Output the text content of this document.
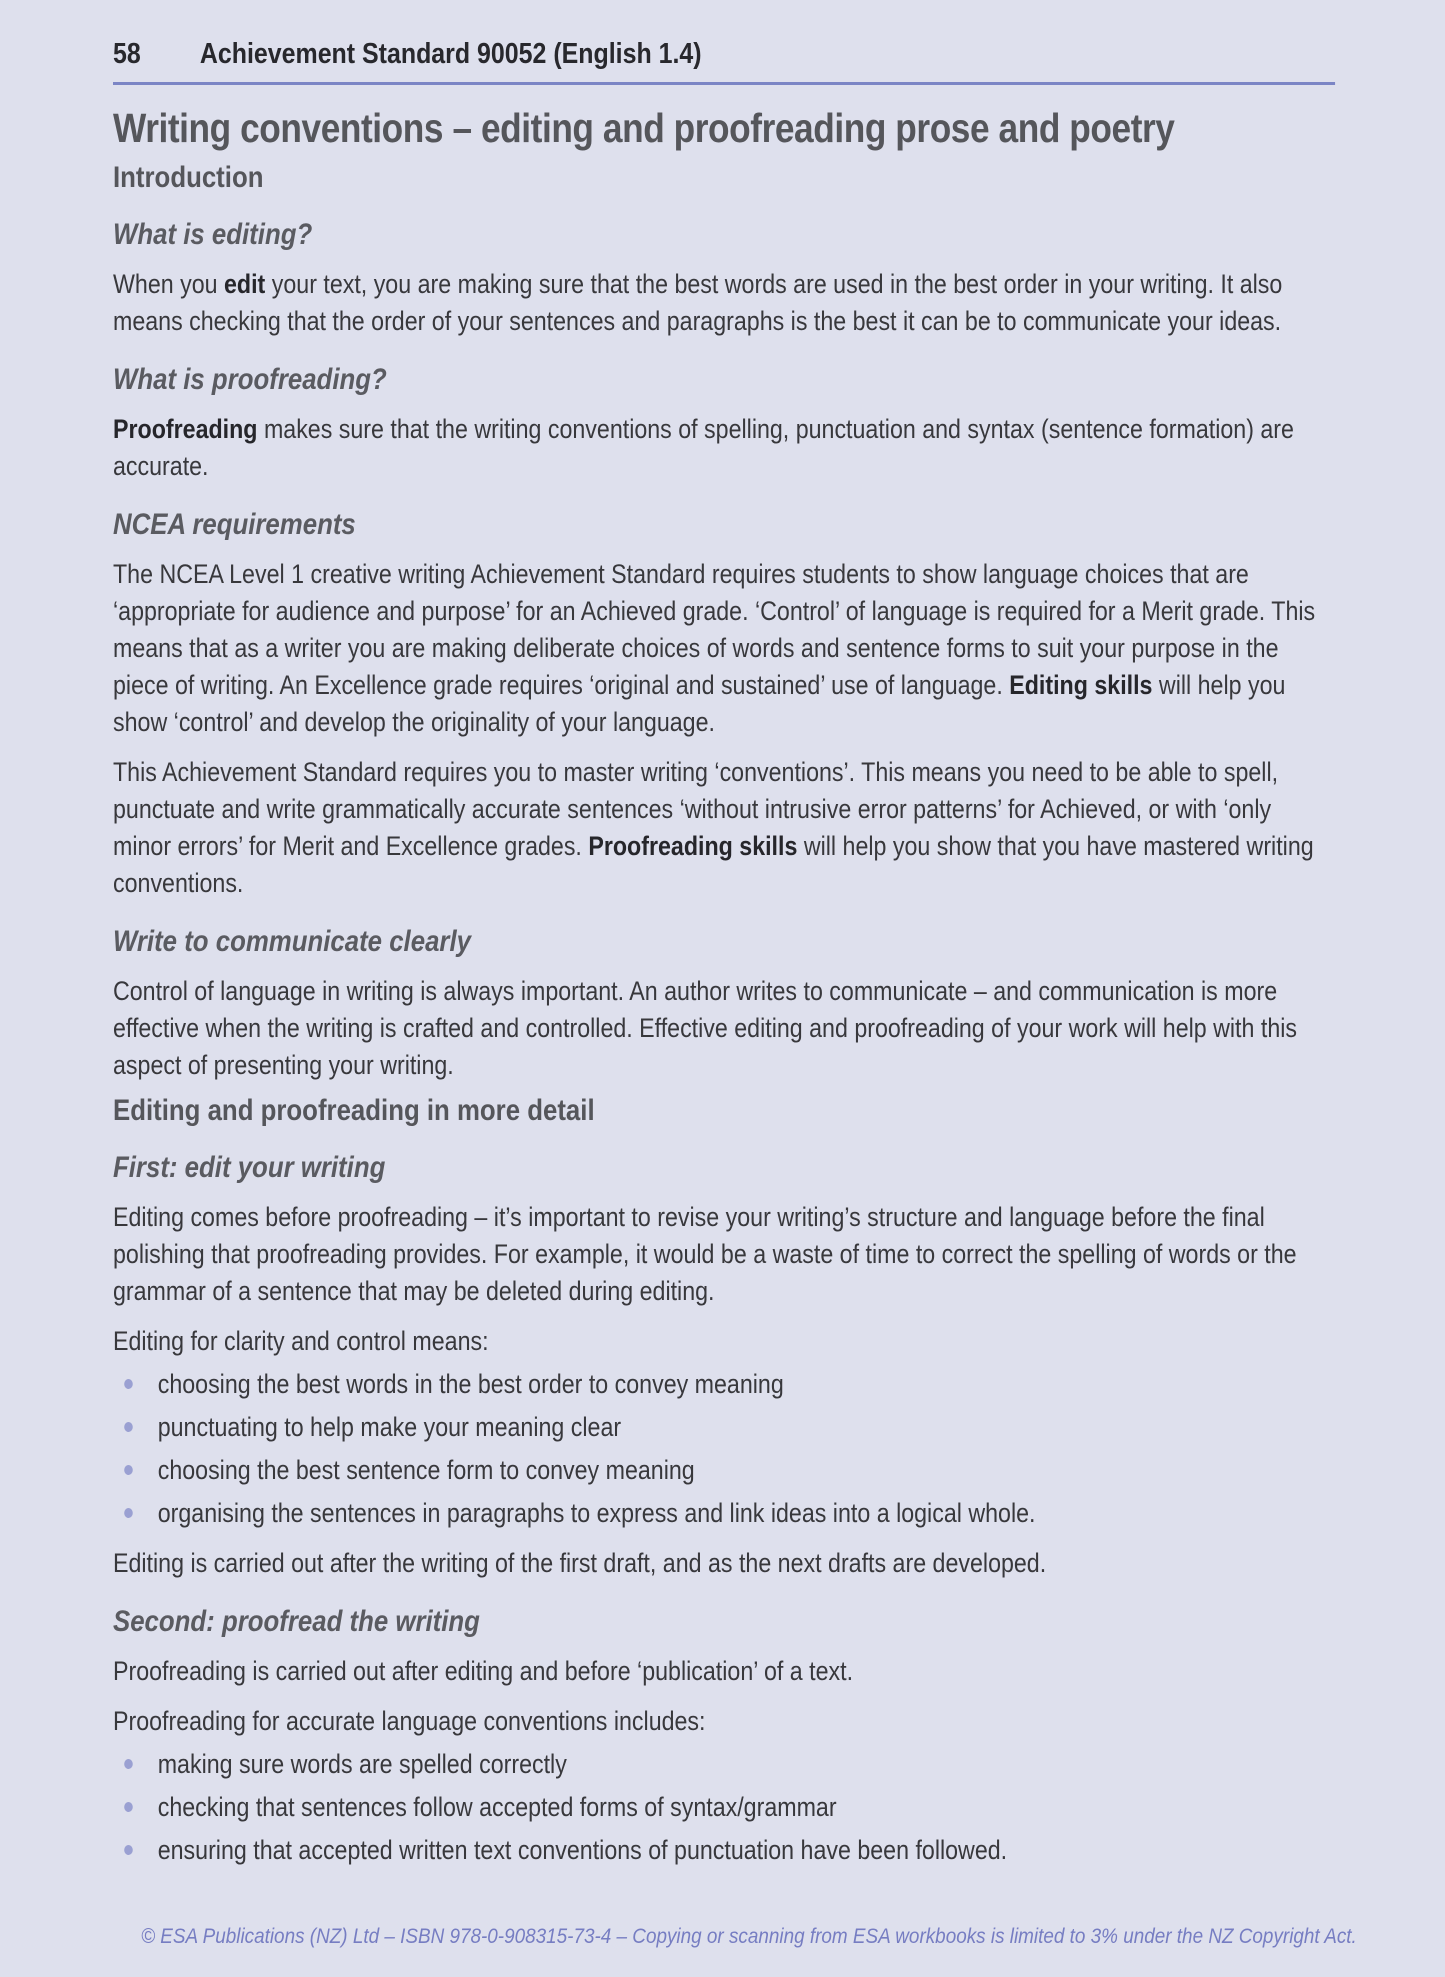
58	Achievement Standard 90052 (English 1.4)
Writing conventions – editing and proofreading prose and poetry
Introduction
What is editing?

When you edit your text, you are making sure that the best words are used in the best order in your writing. It also means checking that the order of your sentences and paragraphs is the best it can be to communicate your ideas.

What is proofreading?

Proofreading makes sure that the writing conventions of spelling, punctuation and syntax (sentence formation) are accurate.

NCEA requirements

The NCEA Level 1 creative writing Achievement Standard requires students to show language choices that are ‘appropriate for audience and purpose’ for an Achieved grade. ‘Control’ of language is required for a Merit grade. This means that as a writer you are making deliberate choices of words and sentence forms to suit your purpose in the piece of writing. An Excellence grade requires ‘original and sustained’ use of language. Editing skills will help you show ‘control’ and develop the originality of your language.

This Achievement Standard requires you to master writing ‘conventions’. This means you need to be able to spell, punctuate and write grammatically accurate sentences ‘without intrusive error patterns’ for Achieved, or with ‘only minor errors’ for Merit and Excellence grades. Proofreading skills will help you show that you have mastered writing conventions.

Write to communicate clearly

Control of language in writing is always important. An author writes to communicate – and communication is more effective when the writing is crafted and controlled. Effective editing and proofreading of your work will help with this aspect of presenting your writing.

Editing and proofreading in more detail
First: edit your writing

Editing comes before proofreading – it’s important to revise your writing’s structure and language before the final polishing that proofreading provides. For example, it would be a waste of time to correct the spelling of words or the grammar of a sentence that may be deleted during editing.

Editing for clarity and control means:

choosing the best words in the best order to convey meaning
punctuating to help make your meaning clear
choosing the best sentence form to convey meaning
organising the sentences in paragraphs to express and link ideas into a logical whole.

Editing is carried out after the writing of the first draft, and as the next drafts are developed.

Second: proofread the writing

Proofreading is carried out after editing and before ‘publication’ of a text.

Proofreading for accurate language conventions includes:

making sure words are spelled correctly
checking that sentences follow accepted forms of syntax/grammar
ensuring that accepted written text conventions of punctuation have been followed.
© ESA Publications (NZ) Ltd – ISBN 978-0-908315-73-4 – Copying or scanning from ESA workbooks is limited to 3% under the NZ Copyright Act.
